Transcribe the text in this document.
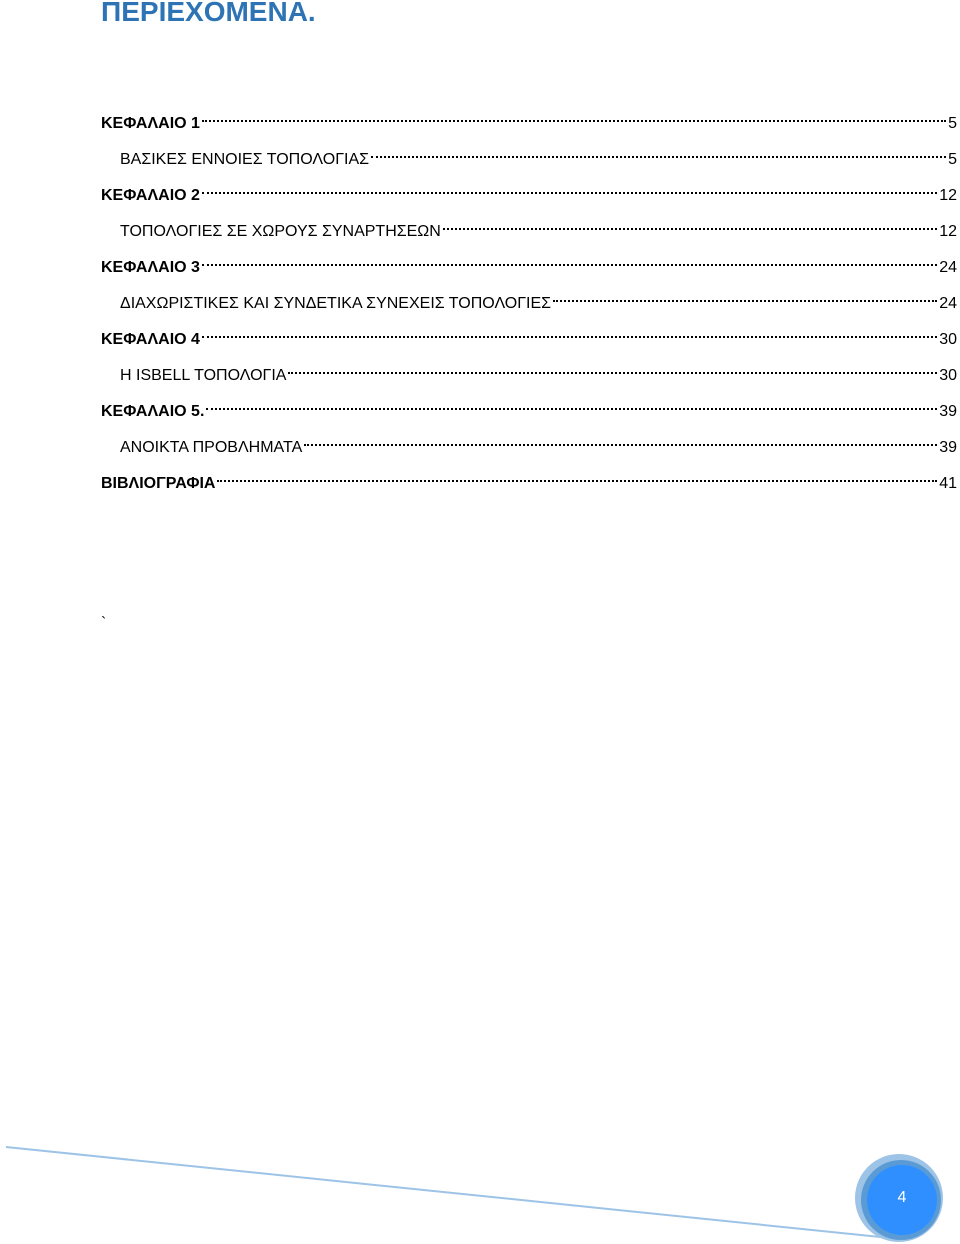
ΠΕΡΙΕΧΟΜΕΝΑ.
ΚΕΦΑΛΑΙΟ 1	5
ΒΑΣΙΚΕΣ ΕΝΝΟΙΕΣ ΤΟΠΟΛΟΓΙΑΣ	5
ΚΕΦΑΛΑΙΟ 2	12
ΤΟΠΟΛΟΓΙΕΣ ΣΕ ΧΩΡΟΥΣ ΣΥΝΑΡΤΗΣΕΩΝ	12
ΚΕΦΑΛΑΙΟ 3	24
ΔΙΑΧΩΡΙΣΤΙΚΕΣ ΚΑΙ ΣΥΝΔΕΤΙΚΑ ΣΥΝΕΧΕΙΣ ΤΟΠΟΛΟΓΙΕΣ	24
ΚΕΦΑΛΑΙΟ 4	30
Η ISBELL ΤΟΠΟΛΟΓΙΑ	30
ΚΕΦΑΛΑΙΟ 5.	39
ΑΝΟΙΚΤΑ ΠΡΟΒΛΗΜΑΤΑ	39
ΒΙΒΛΙΟΓΡΑΦΙΑ	41
`
4
